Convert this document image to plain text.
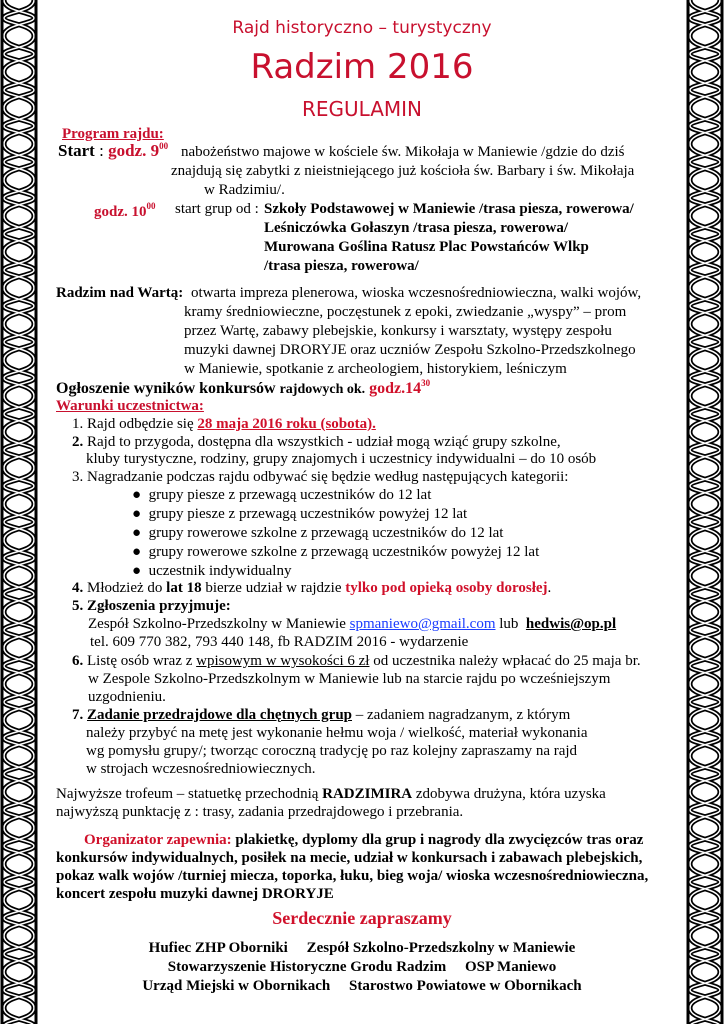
Rajd historyczno – turystyczny
Radzim 2016
REGULAMIN
Program rajdu:
Start : godz. $9^{00}$ nabożeństwo majowe w kościele św. Mikołaja w Maniewie /gdzie do dziś
znajdują się zabytki z nieistniejącego już kościoła św. Barbary i św. Mikołaja
w Radzimiu/.
godz. $10^{00}$ start grup od : Szkoły Podstawowej w Maniewie /trasa piesza, rowerowa/
Leśniczówka Gołaszyn /trasa piesza, rowerowa/
Murowana Goślina Ratusz Plac Powstańców Wlkp
/trasa piesza, rowerowa/
Radzim nad Wartą: otwarta impreza plenerowa, wioska wczesnośredniowieczna, walki wojów,
kramy średniowieczne, poczęstunek z epoki, zwiedzanie „wyspy” – prom
przez Wartę, zabawy plebejskie, konkursy i warsztaty, występy zespołu
muzyki dawnej DRORYJE oraz uczniów Zespołu Szkolno-Przedszkolnego
w Maniewie, spotkanie z archeologiem, historykiem, leśniczym
Ogłoszenie wyników konkursów rajdowych ok. $godz.14^{30}$
Warunki uczestnictwa:
1. Rajd odbędzie się 28 maja 2016 roku (sobota).
2. Rajd to przygoda, dostępna dla wszystkich - udział mogą wziąć grupy szkolne,
kluby turystyczne, rodziny, grupy znajomych i uczestnicy indywidualni – do 10 osób
3. Nagradzanie podczas rajdu odbywać się będzie według następujących kategorii:
● grupy piesze z przewagą uczestników do 12 lat
● grupy piesze z przewagą uczestników powyżej 12 lat
● grupy rowerowe szkolne z przewagą uczestników do 12 lat
● grupy rowerowe szkolne z przewagą uczestników powyżej 12 lat
● uczestnik indywidualny
4. Młodzież do lat 18 bierze udział w rajdzie tylko pod opieką osoby dorosłej.
5. Zgłoszenia przyjmuje:
Zespół Szkolno-Przedszkolny w Maniewie spmaniewo@gmail.com lub hedwis@op.pl
tel. 609 770 382, 793 440 148, fb RADZIM 2016 - wydarzenie
6. Listę osób wraz z wpisowym w wysokości 6 zł od uczestnika należy wpłacać do 25 maja br.
w Zespole Szkolno-Przedszkolnym w Maniewie lub na starcie rajdu po wcześniejszym
uzgodnieniu.
7. Zadanie przedrajdowe dla chętnych grup – zadaniem nagradzanym, z którym
należy przybyć na metę jest wykonanie hełmu woja / wielkość, materiał wykonania
wg pomysłu grupy/; tworząc coroczną tradycję po raz kolejny zapraszamy na rajd
w strojach wczesnośredniowiecznych.
Najwyższe trofeum – statuetkę przechodnią RADZIMIRA zdobywa drużyna, która uzyska
najwyższą punktację z : trasy, zadania przedrajdowego i przebrania.
Organizator zapewnia: plakietkę, dyplomy dla grup i nagrody dla zwycięzców tras oraz
konkursów indywidualnych, posiłek na mecie, udział w konkursach i zabawach plebejskich,
pokaz walk wojów /turniej miecza, toporka, łuku, bieg woja/ wioska wczesnośredniowieczna,
koncert zespołu muzyki dawnej DRORYJE
Serdecznie zapraszamy
Hufiec ZHP Oborniki     Zespół Szkolno-Przedszkolny w Maniewie
Stowarzyszenie Historyczne Grodu Radzim     OSP Maniewo
Urząd Miejski w Obornikach     Starostwo Powiatowe w Obornikach
